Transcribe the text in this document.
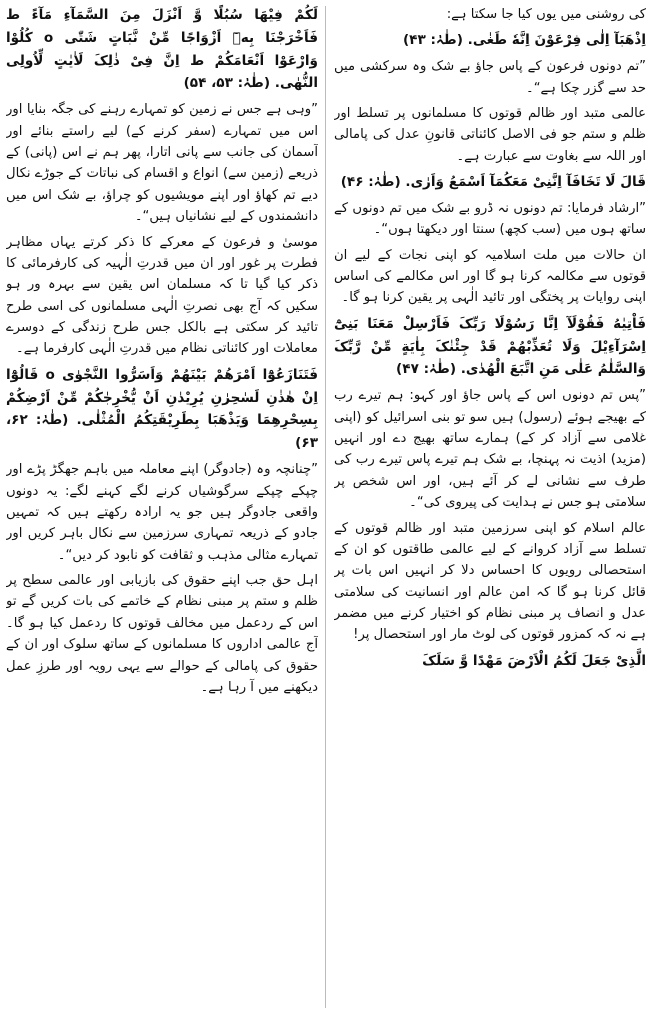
کی روشنی میں یوں کیا جا سکتا ہے:

اِذْهَبَآ اِلٰی فِرْعَوْنَ اِنَّهٗ طَغٰی. (طٰہٰ: ۴۳)

”تم دونوں فرعون کے پاس جاؤ بے شک وہ سرکشی میں حد سے گزر چکا ہے“۔

عالمی متبد اور ظالم قوتوں کا مسلمانوں پر تسلط اور ظلم و ستم جو فی الاصل کائناتی قانونِ عدل کی پامالی اور اللہ سے بغاوت سے عبارت ہے۔

قَالَ لَا تَخَافَآ اِنَّنِیْ مَعَکُمَآ اَسْمَعُ وَاَرٰی. (طٰہٰ: ۴۶)

”ارشاد فرمایا: تم دونوں نہ ڈرو بے شک میں تم دونوں کے ساتھ ہوں میں (سب کچھ) سنتا اور دیکھتا ہوں“۔

ان حالات میں ملت اسلامیہ کو اپنی نجات کے لیے ان قوتوں سے مکالمہ کرنا ہو گا اور اس مکالمے کی اساس اپنی روایات پر پختگی اور تائید الٰہی پر یقین کرنا ہو گا۔

فَاْتِیٰهُ فَقُوْلَآ اِنَّا رَسُوْلَا رَبِّکَ فَاَرْسِلْ مَعَنَا بَنِیْٓ اِسْرَآءِیْلَ وَلَا تُعَذِّبْهُمْ قَدْ جِئْنٰکَ بِاٰیَةٍ مِّنْ رَّبِّکَ وَالسَّلٰمُ عَلٰی مَنِ اتَّبَعَ الْهُدٰی. (طٰہٰ: ۴۷)

”پس تم دونوں اس کے پاس جاؤ اور کہو: ہم تیرے رب کے بھیجے ہوئے (رسول) ہیں سو تو بنی اسرائیل کو (اپنی غلامی سے آزاد کر کے) ہمارے ساتھ بھیج دے اور انہیں (مزید) اذیت نہ پہنچا، بے شک ہم تیرے پاس تیرے رب کی طرف سے نشانی لے کر آئے ہیں، اور اس شخص پر سلامتی ہو جس نے ہدایت کی پیروی کی“۔

عالم اسلام کو اپنی سرزمین متبد اور ظالم قوتوں کے تسلط سے آزاد کروانے کے لیے عالمی طاقتوں کو ان کے استحصالی رویوں کا احساس دلا کر انہیں اس بات پر قائل کرنا ہو گا کہ امن عالم اور انسانیت کی سلامتی عدل و انصاف پر مبنی نظام کو اختیار کرنے میں مضمر ہے نہ کہ کمزور قوتوں کی لوٹ مار اور استحصال پر!

الَّذِیْ جَعَلَ لَکُمُ الْاَرْضَ مَهْدًا وَّ سَلَکَ

لَکُمْ فِیْهَا سُبُلًا وَّ اَنْزَلَ مِنَ السَّمَآءِ مَآءً ط فَاَخْرَجْنَا بِهٖٓ اَزْوَاجًا مِّنْ نَّبَاتٍ شَتّٰی o کُلُوْا وَارْعَوْا اَنْعَامَکُمْ ط اِنَّ فِیْ ذٰلِکَ لَاٰیٰتٍ لِّاُولِی النُّهٰی. (طٰہٰ: ۵۳، ۵۴)

”وہی ہے جس نے زمین کو تمہارے رہنے کی جگہ بنایا اور اس میں تمہارے (سفر کرنے کے) لیے راستے بنائے اور آسمان کی جانب سے پانی اتارا، پھر ہم نے اس (پانی) کے ذریعے (زمین سے) انواع و اقسام کی نباتات کے جوڑے نکال دیے تم کھاؤ اور اپنے مویشیوں کو چراؤ، بے شک اس میں دانشمندوں کے لیے نشانیاں ہیں“۔

موسیٰ و فرعون کے معرکے کا ذکر کرتے یہاں مظاہر فطرت پر غور اور ان میں قدرتِ الٰہیہ کی کارفرمائی کا ذکر کیا گیا تا کہ مسلمان اس یقین سے بہرہ ور ہو سکیں کہ آج بھی نصرتِ الٰہی مسلمانوں کی اسی طرح تائید کر سکتی ہے بالکل جس طرح زندگی کے دوسرے معاملات اور کائناتی نظام میں قدرتِ الٰہی کارفرما ہے۔

فَتَنَازَعُوْٓا اَمْرَهُمْ بَیْنَهُمْ وَاَسَرُّوا النَّجْوٰی o قَالُوْٓا اِنْ هٰذٰنِ لَسٰحِرٰنِ یُرِیْدٰنِ اَنْ یُّخْرِجٰکُمْ مِّنْ اَرْضِکُمْ بِسِحْرِهِمَا وَیَذْهَبَا بِطَرِیْقَتِکُمُ الْمُثْلٰی. (طٰہٰ: ۶۲، ۶۳)

”چنانچہ وہ (جادوگر) اپنے معاملہ میں باہم جھگڑ پڑے اور چپکے چپکے سرگوشیاں کرنے لگے کہنے لگے: یہ دونوں واقعی جادوگر ہیں جو یہ ارادہ رکھتے ہیں کہ تمہیں جادو کے ذریعہ تمہاری سرزمین سے نکال باہر کریں اور تمہارے مثالی مذہب و ثقافت کو نابود کر دیں“۔

اہل حق جب اپنے حقوق کی بازیابی اور عالمی سطح پر ظلم و ستم پر مبنی نظام کے خاتمے کی بات کریں گے تو اس کے ردعمل میں مخالف قوتوں کا ردعمل کیا ہو گا۔ آج عالمی اداروں کا مسلمانوں کے ساتھ سلوک اور ان کے حقوق کی پامالی کے حوالے سے یہی رویہ اور طرزِ عمل دیکھنے میں آ رہا ہے۔
